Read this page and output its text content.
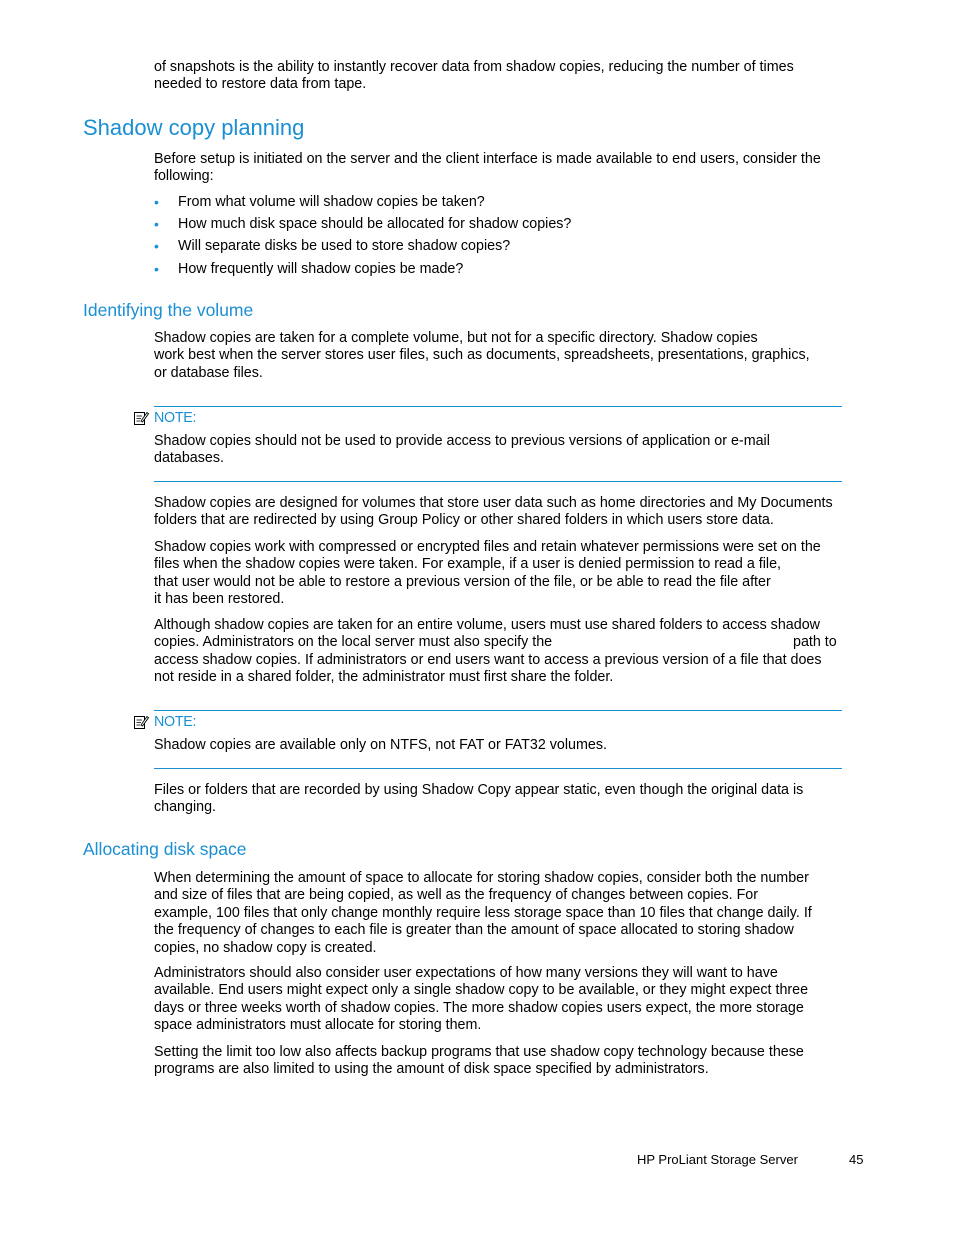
of snapshots is the ability to instantly recover data from shadow copies, reducing the number of times
needed to restore data from tape.
Shadow copy planning
Before setup is initiated on the server and the client interface is made available to end users, consider the
following:
• From what volume will shadow copies be taken?
• How much disk space should be allocated for shadow copies?
• Will separate disks be used to store shadow copies?
• How frequently will shadow copies be made?
Identifying the volume
Shadow copies are taken for a complete volume, but not for a specific directory. Shadow copies
work best when the server stores user files, such as documents, spreadsheets, presentations, graphics,
or database files.
NOTE:
Shadow copies should not be used to provide access to previous versions of application or e-mail
databases.
Shadow copies are designed for volumes that store user data such as home directories and My Documents
folders that are redirected by using Group Policy or other shared folders in which users store data.
Shadow copies work with compressed or encrypted files and retain whatever permissions were set on the
files when the shadow copies were taken. For example, if a user is denied permission to read a file,
that user would not be able to restore a previous version of the file, or be able to read the file after
it has been restored.
Although shadow copies are taken for an entire volume, users must use shared folders to access shadow
copies. Administrators on the local server must also specify the	path to
access shadow copies. If administrators or end users want to access a previous version of a file that does
not reside in a shared folder, the administrator must first share the folder.
NOTE:
Shadow copies are available only on NTFS, not FAT or FAT32 volumes.
Files or folders that are recorded by using Shadow Copy appear static, even though the original data is
changing.
Allocating disk space
When determining the amount of space to allocate for storing shadow copies, consider both the number
and size of files that are being copied, as well as the frequency of changes between copies. For
example, 100 files that only change monthly require less storage space than 10 files that change daily. If
the frequency of changes to each file is greater than the amount of space allocated to storing shadow
copies, no shadow copy is created.
Administrators should also consider user expectations of how many versions they will want to have
available. End users might expect only a single shadow copy to be available, or they might expect three
days or three weeks worth of shadow copies. The more shadow copies users expect, the more storage
space administrators must allocate for storing them.
Setting the limit too low also affects backup programs that use shadow copy technology because these
programs are also limited to using the amount of disk space specified by administrators.
HP ProLiant Storage Server	45
